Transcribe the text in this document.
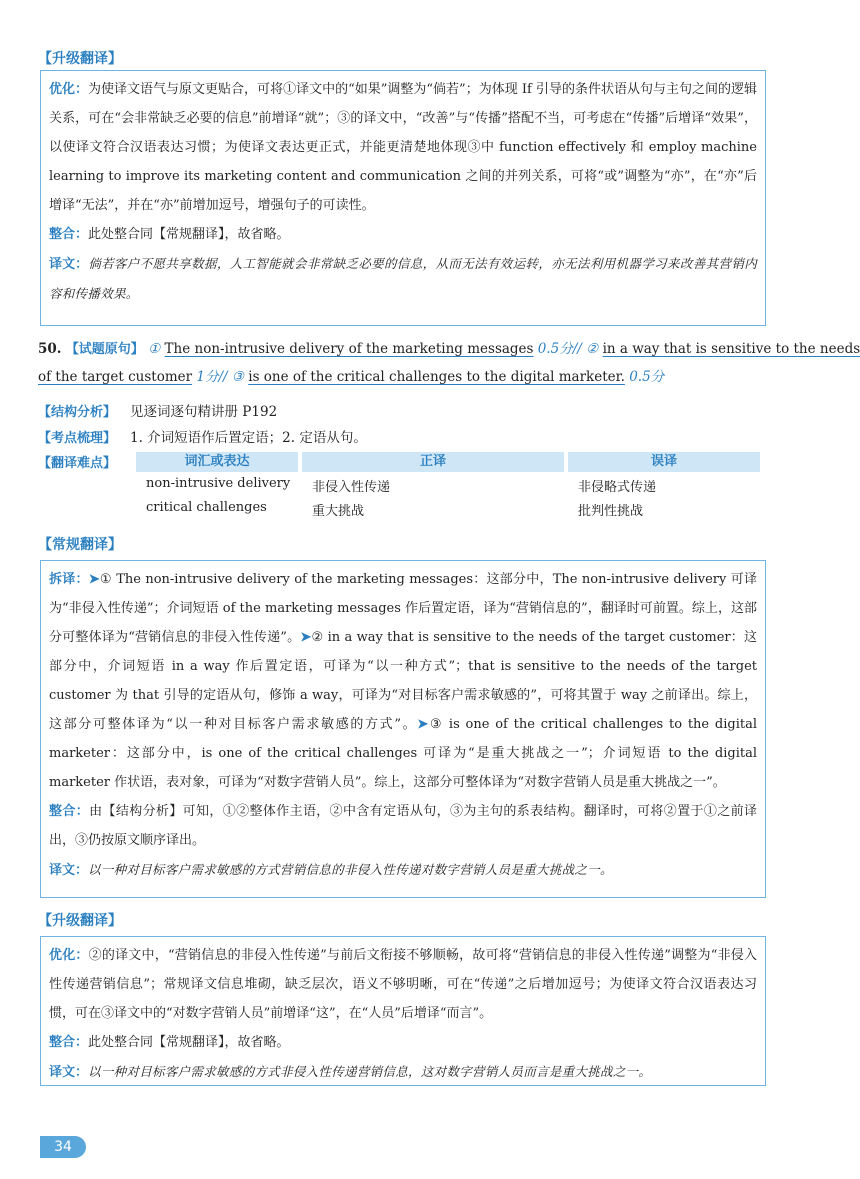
【升级翻译】

优化：为使译文语气与原文更贴合，可将①译文中的“如果”调整为“倘若”；为体现 If 引导的条件状语从句与主句之间的逻辑关系，可在“会非常缺乏必要的信息”前增译“就”；③的译文中，“改善”与“传播”搭配不当，可考虑在“传播”后增译“效果”，以使译文符合汉语表达习惯；为使译文表达更正式，并能更清楚地体现③中 function effectively 和 employ machine learning to improve its marketing content and communication 之间的并列关系，可将“或”调整为“亦”，在“亦”后增译“无法”，并在“亦”前增加逗号，增强句子的可读性。

整合：此处整合同【常规翻译】，故省略。

译文：倘若客户不愿共享数据，人工智能就会非常缺乏必要的信息，从而无法有效运转，亦无法利用机器学习来改善其营销内容和传播效果。

50. 【试题原句】 ① The non-intrusive delivery of the marketing messages 0.5分// ② in a way that is sensitive to the needs
of the target customer 1分// ③ is one of the critical challenges to the digital marketer. 0.5分
【结构分析】 见逐词逐句精讲册 P192
【考点梳理】 1. 介词短语作后置定语；2. 定语从句。
【翻译难点】	词汇或表达	正译	误译
non-intrusive delivery 非侵入性传递	非侵略式传递
critical challenges	重大挑战	批判性挑战
【常规翻译】

拆译：➤① The non-intrusive delivery of the marketing messages：这部分中，The non-intrusive delivery 可译为“非侵入性传递”；介词短语 of the marketing messages 作后置定语，译为“营销信息的”，翻译时可前置。综上，这部分可整体译为“营销信息的非侵入性传递”。➤② in a way that is sensitive to the needs of the target customer：这部分中，介词短语 in a way 作后置定语，可译为“以一种方式”；that is sensitive to the needs of the target customer 为 that 引导的定语从句，修饰 a way，可译为“对目标客户需求敏感的”，可将其置于 way 之前译出。综上，这部分可整体译为“以一种对目标客户需求敏感的方式”。➤③ is one of the critical challenges to the digital marketer：这部分中，is one of the critical challenges 可译为“是重大挑战之一”；介词短语 to the digital marketer 作状语，表对象，可译为“对数字营销人员”。综上，这部分可整体译为“对数字营销人员是重大挑战之一”。

整合：由【结构分析】可知，①②整体作主语，②中含有定语从句，③为主句的系表结构。翻译时，可将②置于①之前译出，③仍按原文顺序译出。

译文：以一种对目标客户需求敏感的方式营销信息的非侵入性传递对数字营销人员是重大挑战之一。

【升级翻译】

优化：②的译文中，“营销信息的非侵入性传递”与前后文衔接不够顺畅，故可将“营销信息的非侵入性传递”调整为“非侵入性传递营销信息”；常规译文信息堆砌，缺乏层次，语义不够明晰，可在“传递”之后增加逗号；为使译文符合汉语表达习惯，可在③译文中的“对数字营销人员”前增译“这”，在“人员”后增译“而言”。

整合：此处整合同【常规翻译】，故省略。

译文：以一种对目标客户需求敏感的方式非侵入性传递营销信息，这对数字营销人员而言是重大挑战之一。

34
